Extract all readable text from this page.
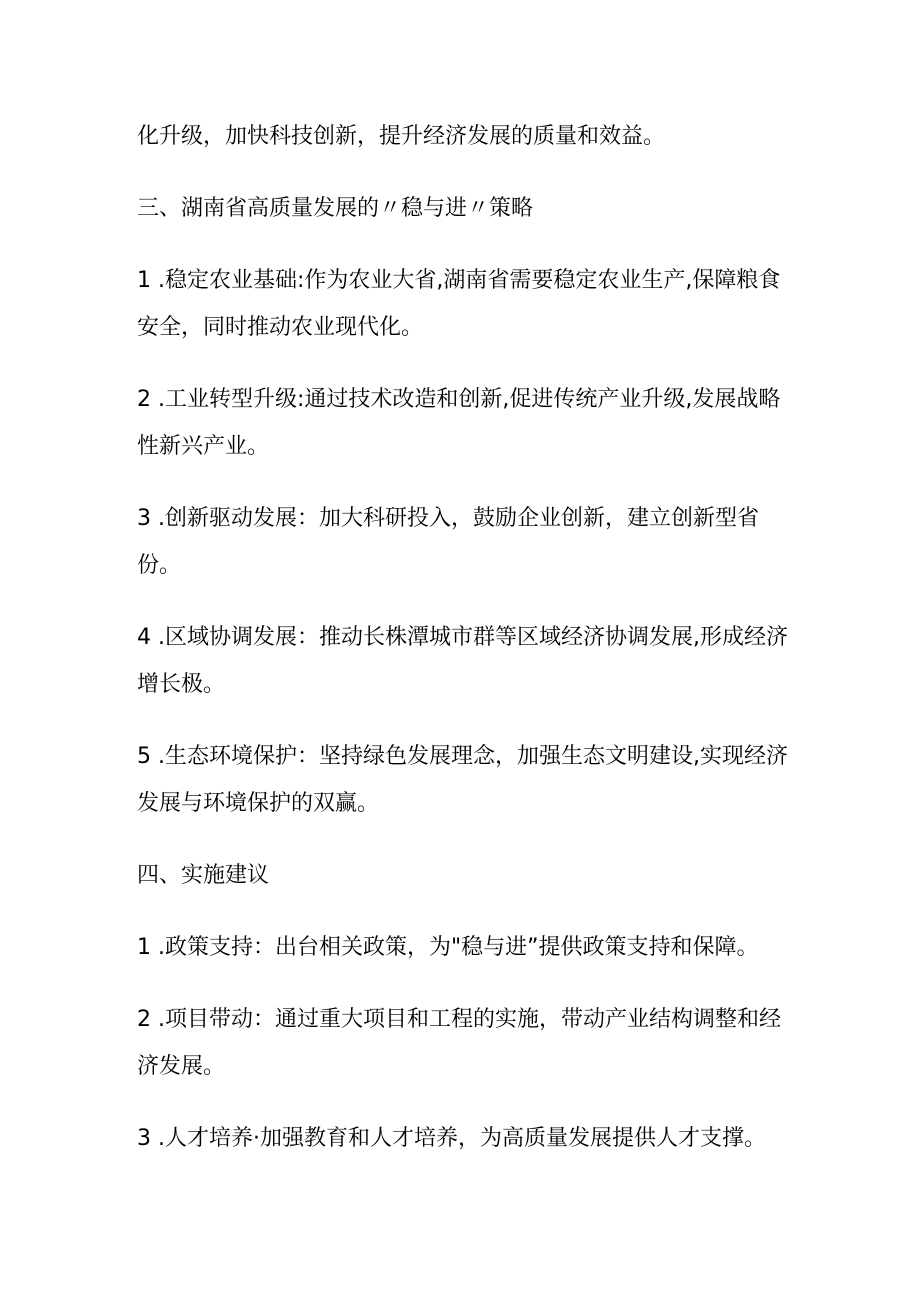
化升级，加快科技创新，提升经济发展的质量和效益。

三、湖南省高质量发展的〃稳与进〃策略

1 .稳定农业基础:作为农业大省,湖南省需要稳定农业生产,保障粮食安全，同时推动农业现代化。

2 .工业转型升级:通过技术改造和创新,促进传统产业升级,发展战略性新兴产业。

3 .创新驱动发展：加大科研投入，鼓励企业创新，建立创新型省份。

4 .区域协调发展：推动长株潭城市群等区域经济协调发展,形成经济增长极。

5 .生态环境保护：坚持绿色发展理念，加强生态文明建设,实现经济发展与环境保护的双赢。

四、实施建议

1 .政策支持：出台相关政策，为"稳与进”提供政策支持和保障。

2 .项目带动：通过重大项目和工程的实施，带动产业结构调整和经济发展。

3 .人才培养·加强教育和人才培养，为高质量发展提供人才支撑。
